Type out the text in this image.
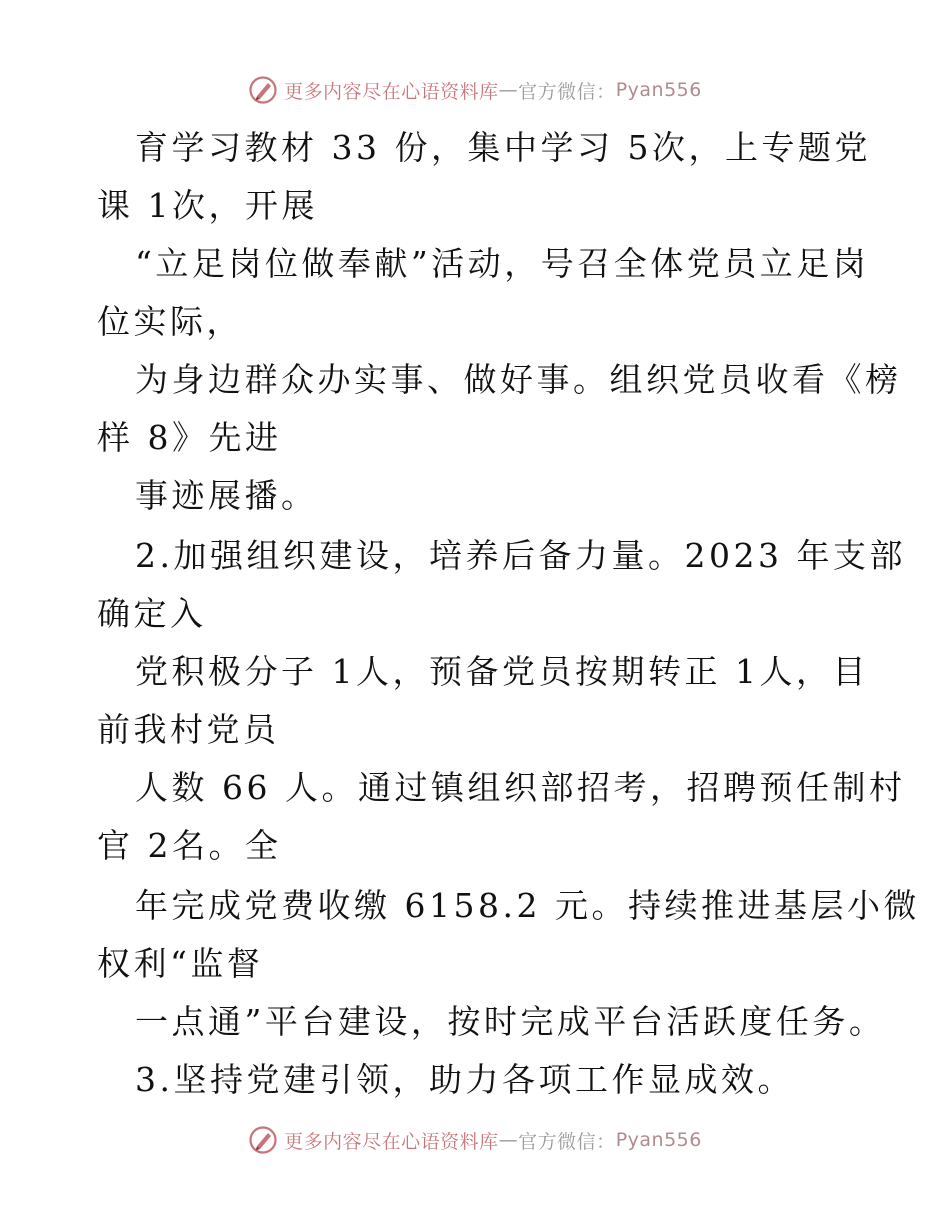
更多内容尽在心语资料库 — 官方微信： Pyan556
育学习教材 33 份，集中学习 5次，上专题党
课 1次，开展
“立足岗位做奉献”活动，号召全体党员立足岗
位实际，
为身边群众办实事、做好事。组织党员收看《榜
样 8》先进
事迹展播。
2.加强组织建设，培养后备力量。2023 年支部
确定入
党积极分子 1人，预备党员按期转正 1人，目
前我村党员
人数 66 人。通过镇组织部招考，招聘预任制村
官 2名。全
年完成党费收缴 6158.2 元。持续推进基层小微
权利“监督
一点通”平台建设，按时完成平台活跃度任务。
3.坚持党建引领，助力各项工作显成效。
更多内容尽在心语资料库 — 官方微信： Pyan556
